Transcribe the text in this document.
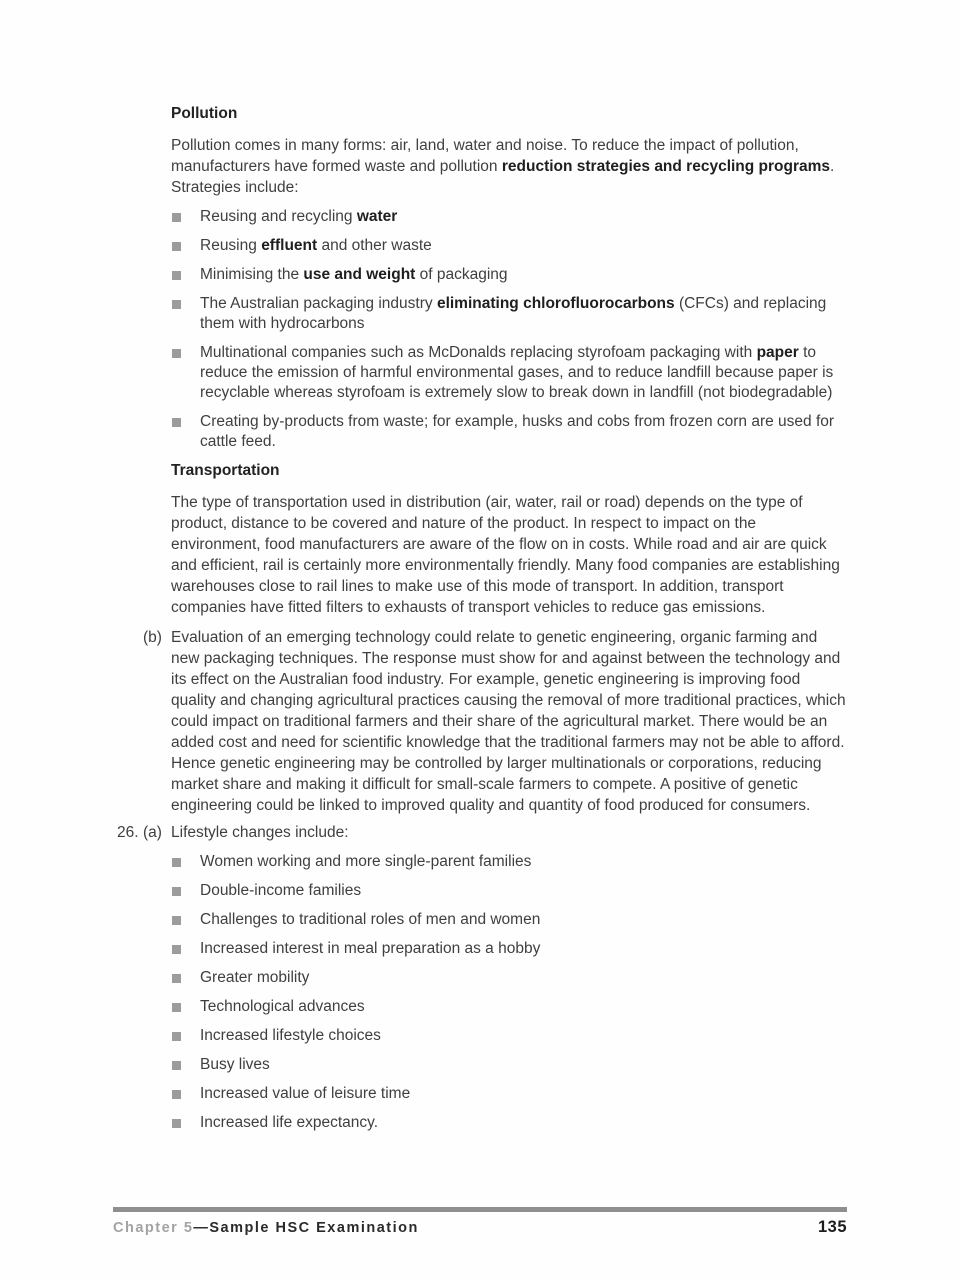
Pollution

Pollution comes in many forms: air, land, water and noise. To reduce the impact of pollution, manufacturers have formed waste and pollution reduction strategies and recycling programs. Strategies include:

Reusing and recycling water
Reusing effluent and other waste
Minimising the use and weight of packaging
The Australian packaging industry eliminating chlorofluorocarbons (CFCs) and replacing them with hydrocarbons
Multinational companies such as McDonalds replacing styrofoam packaging with paper to reduce the emission of harmful environmental gases, and to reduce landfill because paper is recyclable whereas styrofoam is extremely slow to break down in landfill (not biodegradable)
Creating by-products from waste; for example, husks and cobs from frozen corn are used for cattle feed.
Transportation

The type of transportation used in distribution (air, water, rail or road) depends on the type of product, distance to be covered and nature of the product. In respect to impact on the environment, food manufacturers are aware of the flow on in costs. While road and air are quick and efficient, rail is certainly more environmentally friendly. Many food companies are establishing warehouses close to rail lines to make use of this mode of transport. In addition, transport companies have fitted filters to exhausts of transport vehicles to reduce gas emissions.

(b) Evaluation of an emerging technology could relate to genetic engineering, organic farming and new packaging techniques. The response must show for and against between the technology and its effect on the Australian food industry. For example, genetic engineering is improving food quality and changing agricultural practices causing the removal of more traditional practices, which could impact on traditional farmers and their share of the agricultural market. There would be an added cost and need for scientific knowledge that the traditional farmers may not be able to afford. Hence genetic engineering may be controlled by larger multinationals or corporations, reducing market share and making it difficult for small-scale farmers to compete. A positive of genetic engineering could be linked to improved quality and quantity of food produced for consumers.

26. (a) Lifestyle changes include:

Women working and more single-parent families
Double-income families
Challenges to traditional roles of men and women
Increased interest in meal preparation as a hobby
Greater mobility
Technological advances
Increased lifestyle choices
Busy lives
Increased value of leisure time
Increased life expectancy.
Chapter 5—Sample HSC Examination	135
